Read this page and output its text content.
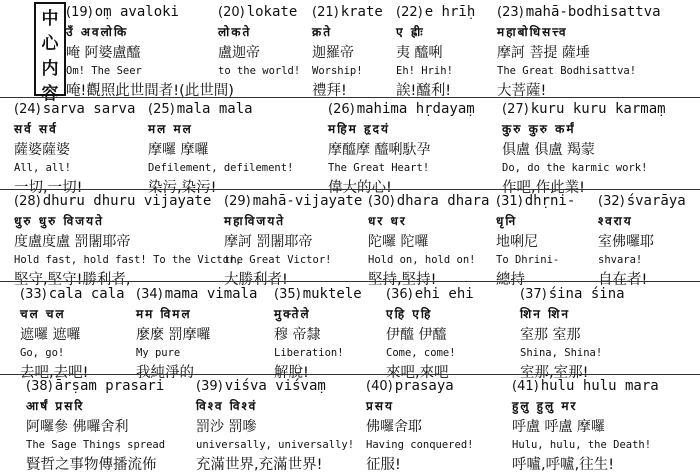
中
心
内
容
(19) oṃ avaloki
उँ अवलोकि
唵 阿婆盧醯
Om! The Seer
唵!觀照此世間者!(此世間)
(20) lokate
लोकते
盧迦帝
to the world!
(21) krate
क्रते
迦羅帝
Worship!
禮拜!
(22) e hrīḥ
ए ह्रीः
夷 醯唎
Eh! Hrih!
誒!醯利!
(23) mahā-bodhisattva
महाबोधिसत्त्व
摩訶 菩提 薩埵
The Great Bodhisattva!
大菩薩!
(24) sarva sarva
सर्व सर्व
薩婆薩婆
All, all!
一切,一切!
(25) mala mala
मल मल
摩囉 摩囉
Defilement, defilement!
染污,染污!
(26) mahima hṛdayaṃ
महिम हृदयं
摩醯摩 醯唎馱孕
The Great Heart!
偉大的心!
(27) kuru kuru karmaṃ
कुरु कुरु कर्मं
俱盧 俱盧 羯蒙
Do, do the karmic work!
作吧,作此業!
(28) dhuru dhuru vijayate
धुरु धुरु विजयते
度盧度盧 罰闍耶帝
Hold fast, hold fast! To the Victor,
堅守,堅守!勝利者,
(29) mahā-vijayate
महाविजयते
摩訶 罰闍耶帝
the Great Victor!
大勝利者!
(30) dhara dhara
धर धर
陀囉 陀囉
Hold on, hold on!
堅持,堅持!
(31) dhṛni-
धृनि
地唎尼
To Dhrini-
總持
(32) śvarāya
श्वराय
室佛囉耶
shvara!
自在者!
(33) cala cala
चल चल
遮囉 遮囉
Go, go!
去吧,去吧!
(34) mama vimala
मम विमल
麼麼 罰摩囉
My pure
我純淨的
(35) muktele
मुक्तेले
穆 帝隸
Liberation!
解脫!
(36) ehi ehi
एहि एहि
伊醯 伊醯
Come, come!
來吧,來吧
(37) śina śina
शिन शिन
室那 室那
Shina, Shina!
室那,室那!
(38) ārṣam prasari
आर्षं प्रसरि
阿囉參 佛囉舍利
The Sage Things spread
賢哲之事物傳播流佈
(39) viśva viśvaṃ
विश्व विश्वं
罰沙 罰嘇
universally, universally!
充滿世界,充滿世界!
(40) prasaya
प्रसय
佛囉舍耶
Having conquered!
征服!
(41) hulu hulu mara
हुलु हुलु मर
呼盧 呼盧 摩囉
Hulu, hulu, the Death!
呼嚧,呼嚧,往生!
